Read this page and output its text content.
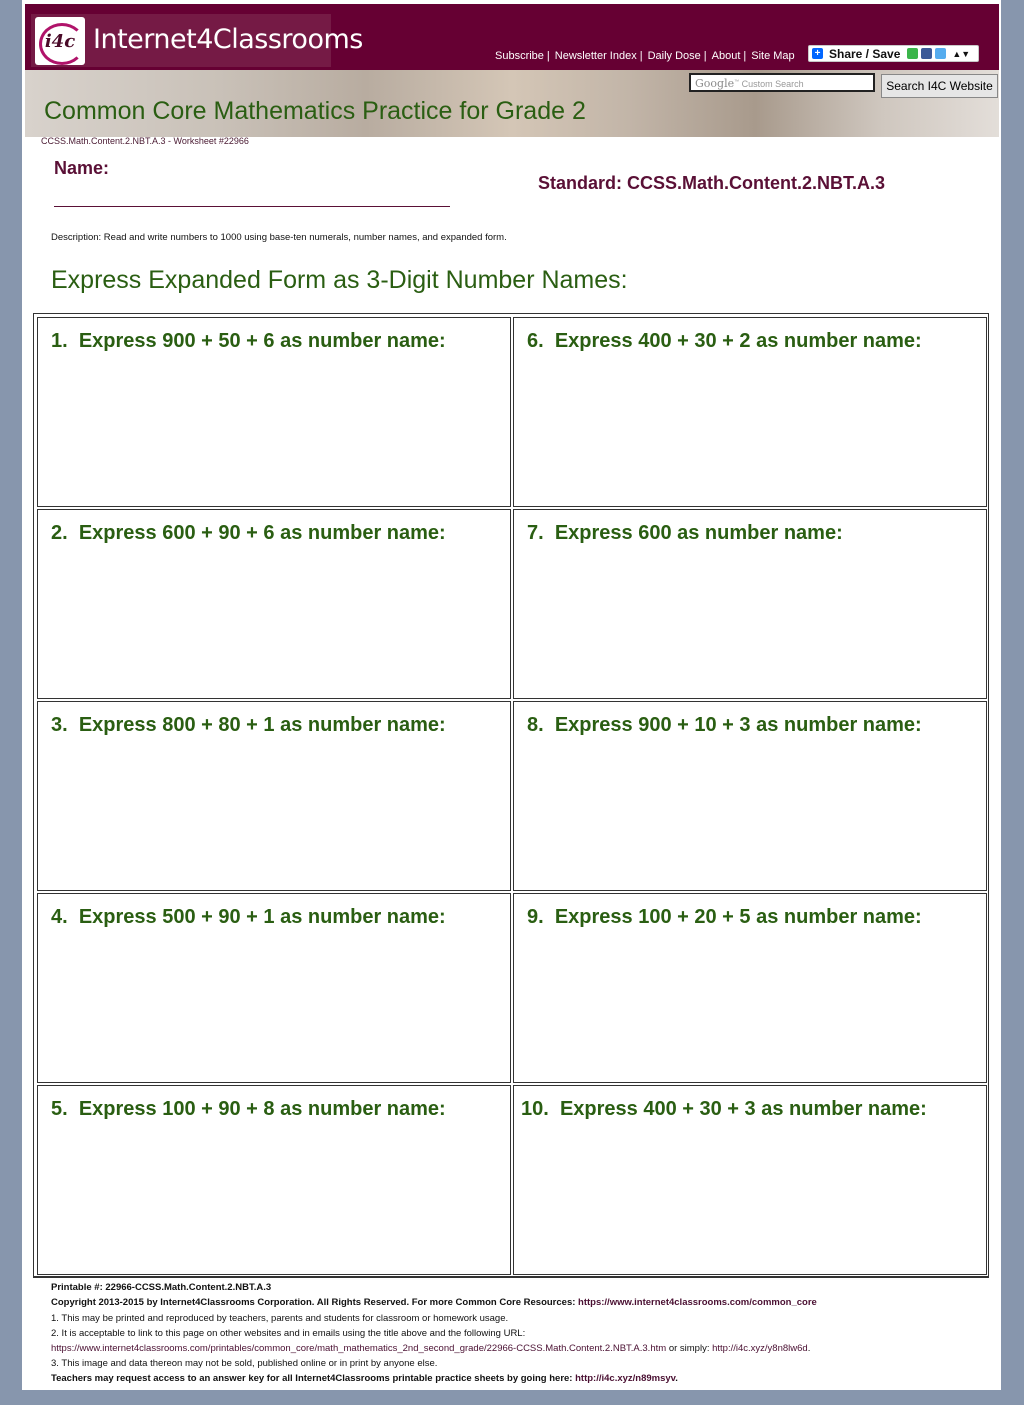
i4c Internet4Classrooms
Subscribe | Newsletter Index | Daily Dose | About | Site Map + Share / Save	▲▼
Google™ Custom Search	Search I4C Website
Common Core Mathematics Practice for Grade 2
CCSS.Math.Content.2.NBT.A.3 - Worksheet #22966
Name:
Standard: CCSS.Math.Content.2.NBT.A.3
Description: Read and write numbers to 1000 using base-ten numerals, number names, and expanded form.
Express Expanded Form as 3-Digit Number Names:
1. Express 900 + 50 + 6 as number name:
2. Express 600 + 90 + 6 as number name:
3. Express 800 + 80 + 1 as number name:
4. Express 500 + 90 + 1 as number name:
5. Express 100 + 90 + 8 as number name:
6. Express 400 + 30 + 2 as number name:
7. Express 600 as number name:
8. Express 900 + 10 + 3 as number name:
9. Express 100 + 20 + 5 as number name:
10. Express 400 + 30 + 3 as number name:
Printable #: 22966-CCSS.Math.Content.2.NBT.A.3
Copyright 2013-2015 by Internet4Classrooms Corporation. All Rights Reserved. For more Common Core Resources: https://www.internet4classrooms.com/common_core
1. This may be printed and reproduced by teachers, parents and students for classroom or homework usage.
2. It is acceptable to link to this page on other websites and in emails using the title above and the following URL:
https://www.internet4classrooms.com/printables/common_core/math_mathematics_2nd_second_grade/22966-CCSS.Math.Content.2.NBT.A.3.htm or simply: http://i4c.xyz/y8n8lw6d.
3. This image and data thereon may not be sold, published online or in print by anyone else.
Teachers may request access to an answer key for all Internet4Classrooms printable practice sheets by going here: http://i4c.xyz/n89msyv.
